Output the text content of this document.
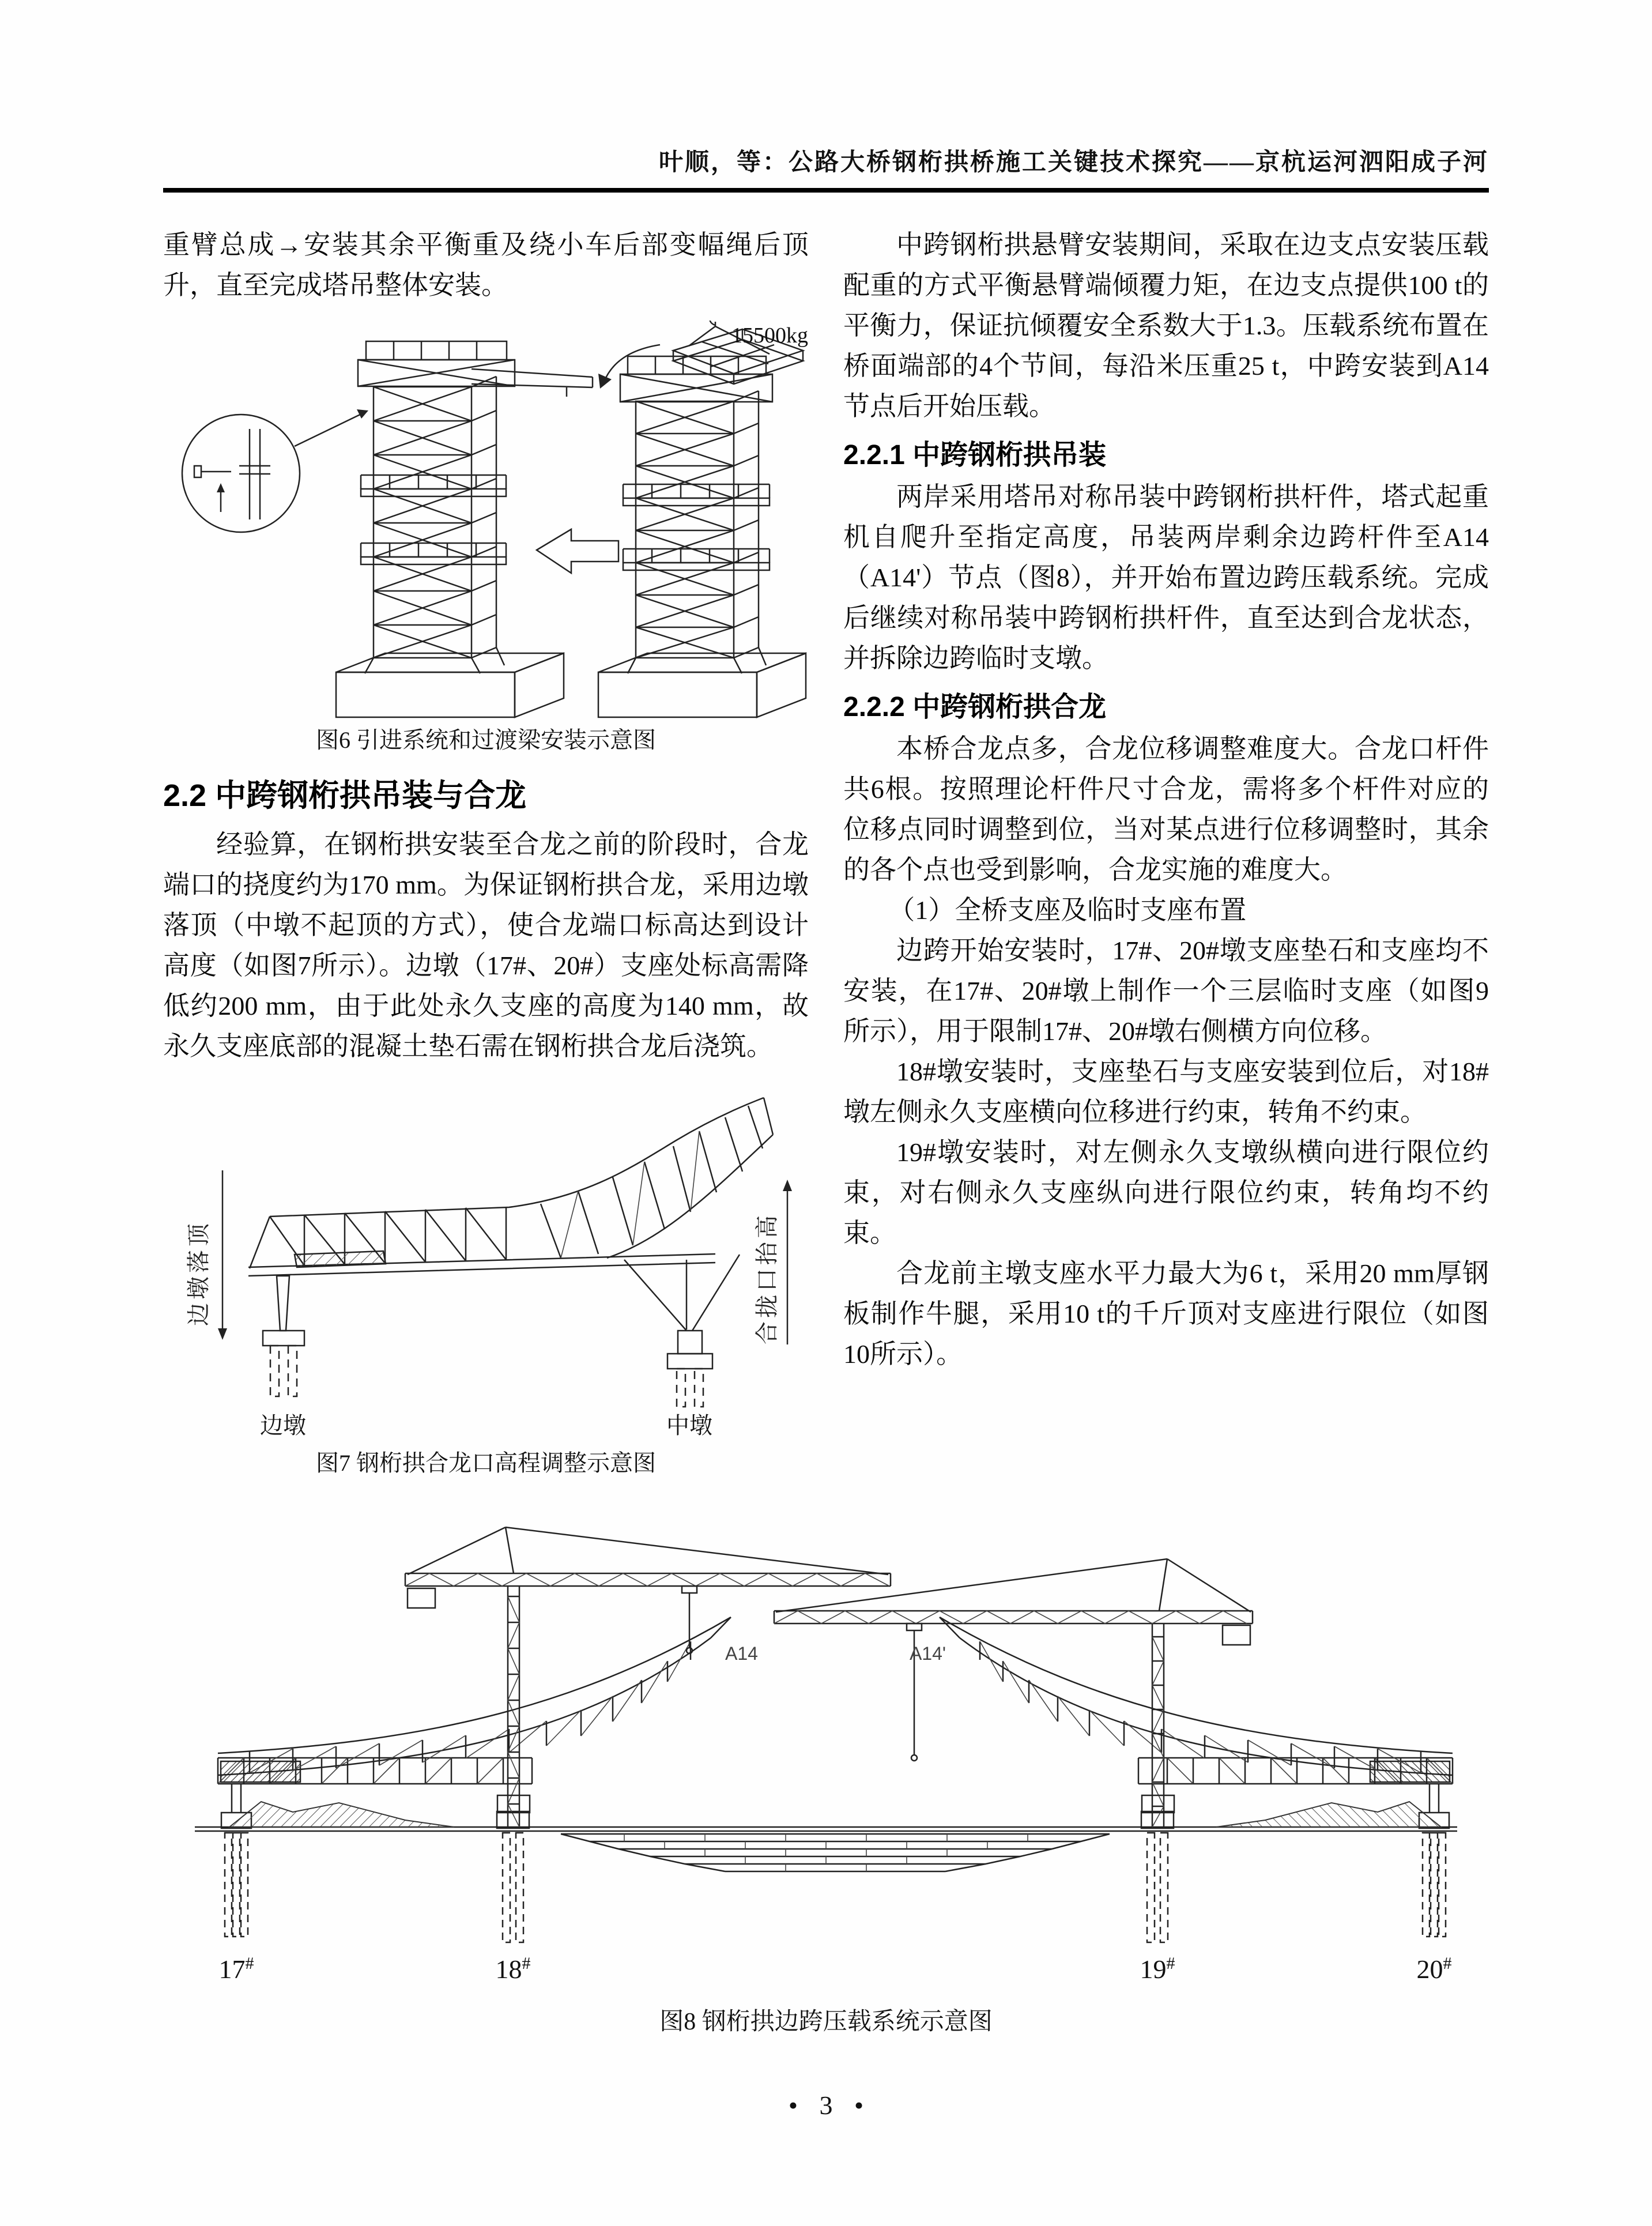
叶顺，等：公路大桥钢桁拱桥施工关键技术探究——京杭运河泗阳成子河

重臂总成→安装其余平衡重及绕小车后部变幅绳后顶升，直至完成塔吊整体安装。

15500kg
图6 引进系统和过渡梁安装示意图
2.2 中跨钢桁拱吊装与合龙

经验算，在钢桁拱安装至合龙之前的阶段时，合龙端口的挠度约为170 mm。为保证钢桁拱合龙，采用边墩落顶（中墩不起顶的方式），使合龙端口标高达到设计高度（如图7所示）。边墩（17#、20#）支座处标高需降低约200 mm，由于此处永久支座的高度为140 mm，故永久支座底部的混凝土垫石需在钢桁拱合龙后浇筑。

边墩	中墩
边墩落顶	合拢口抬高
图7 钢桁拱合龙口高程调整示意图

中跨钢桁拱悬臂安装期间，采取在边支点安装压载配重的方式平衡悬臂端倾覆力矩，在边支点提供100 t的平衡力，保证抗倾覆安全系数大于1.3。压载系统布置在桥面端部的4个节间，每沿米压重25 t，中跨安装到A14节点后开始压载。

2.2.1 中跨钢桁拱吊装

两岸采用塔吊对称吊装中跨钢桁拱杆件，塔式起重机自爬升至指定高度，吊装两岸剩余边跨杆件至A14（A14'）节点（图8），并开始布置边跨压载系统。完成后继续对称吊装中跨钢桁拱杆件，直至达到合龙状态，并拆除边跨临时支墩。

2.2.2 中跨钢桁拱合龙

本桥合龙点多，合龙位移调整难度大。合龙口杆件共6根。按照理论杆件尺寸合龙，需将多个杆件对应的位移点同时调整到位，当对某点进行位移调整时，其余的各个点也受到影响，合龙实施的难度大。

（1）全桥支座及临时支座布置

边跨开始安装时，17#、20#墩支座垫石和支座均不安装，在17#、20#墩上制作一个三层临时支座（如图9所示），用于限制17#、20#墩右侧横方向位移。

18#墩安装时，支座垫石与支座安装到位后，对18#墩左侧永久支座横向位移进行约束，转角不约束。

19#墩安装时，对左侧永久支墩纵横向进行限位约束，对右侧永久支座纵向进行限位约束，转角均不约束。

合龙前主墩支座水平力最大为6 t，采用20 mm厚钢板制作牛腿，采用10 t的千斤顶对支座进行限位（如图10所示）。

A14	A14'
17#	18#	19#	20#
图8 钢桁拱边跨压载系统示意图
• 3 •
